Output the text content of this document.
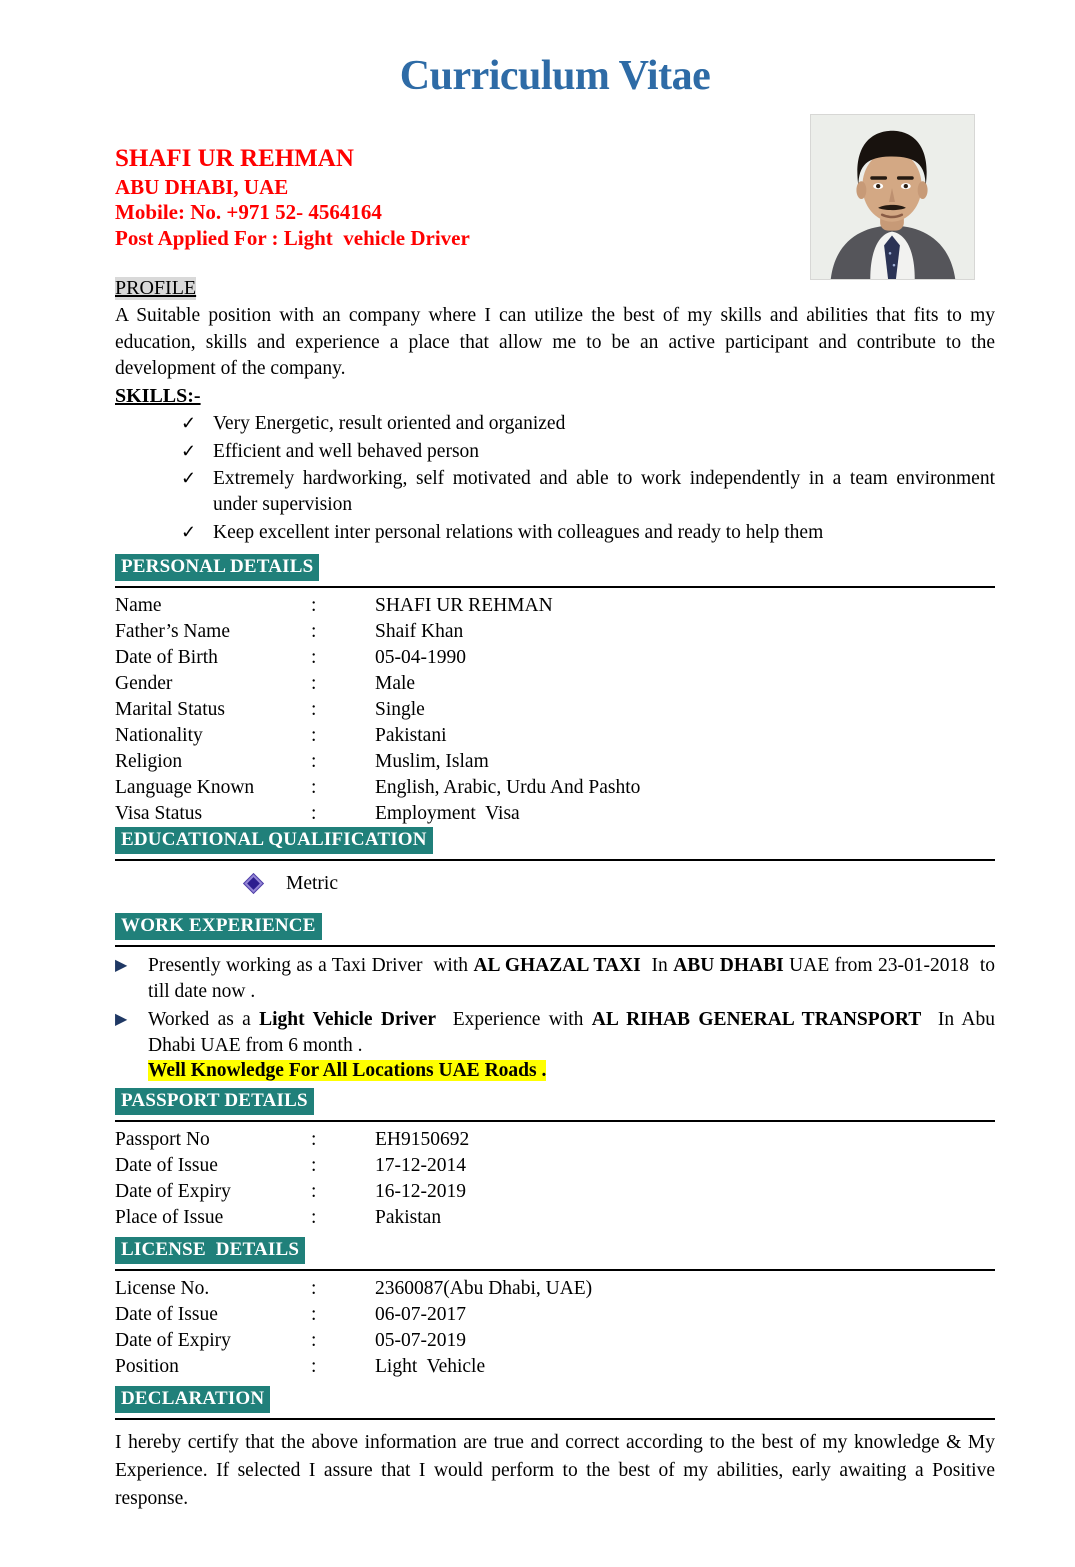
Curriculum Vitae
SHAFI UR REHMAN
ABU DHABI, UAE
Mobile: No. +971 52- 4564164
Post Applied For : Light  vehicle Driver
PROFILE
A Suitable position with an company where I can utilize the best of my skills and abilities that fits to my education, skills and experience a place that allow me to be an active participant and contribute to the development of the company.
SKILLS:-
✓ Very Energetic, result oriented and organized
✓ Efficient and well behaved person
✓ Extremely hardworking, self motivated and able to work independently in a team environment under supervision
✓ Keep excellent inter personal relations with colleagues and ready to help them
PERSONAL DETAILS
Name	:	SHAFI UR REHMAN
Father’s Name	:	Shaif Khan
Date of Birth	:	05-04-1990
Gender	:	Male
Marital Status	:	Single
Nationality	:	Pakistani
Religion	:	Muslim, Islam
Language Known	:	English, Arabic, Urdu And Pashto
Visa Status	:	Employment  Visa
EDUCATIONAL QUALIFICATION
Metric
WORK EXPERIENCE
▶	Presently working as a Taxi Driver  with AL GHAZAL TAXI  In ABU DHABI UAE from 23-01-2018  to till date now .
▶	Worked as a Light Vehicle Driver  Experience with AL RIHAB GENERAL TRANSPORT  In Abu Dhabi UAE from 6 month .
Well Knowledge For All Locations UAE Roads .
PASSPORT DETAILS
Passport No	:	EH9150692
Date of Issue	:	17-12-2014
Date of Expiry	:	16-12-2019
Place of Issue	:	Pakistan
LICENSE  DETAILS
License No.	:	2360087(Abu Dhabi, UAE)
Date of Issue	:	06-07-2017
Date of Expiry	:	05-07-2019
Position	:	Light  Vehicle
DECLARATION
I hereby certify that the above information are true and correct according to the best of my knowledge & My Experience. If selected I assure that I would perform to the best of my abilities, early awaiting a Positive response.
